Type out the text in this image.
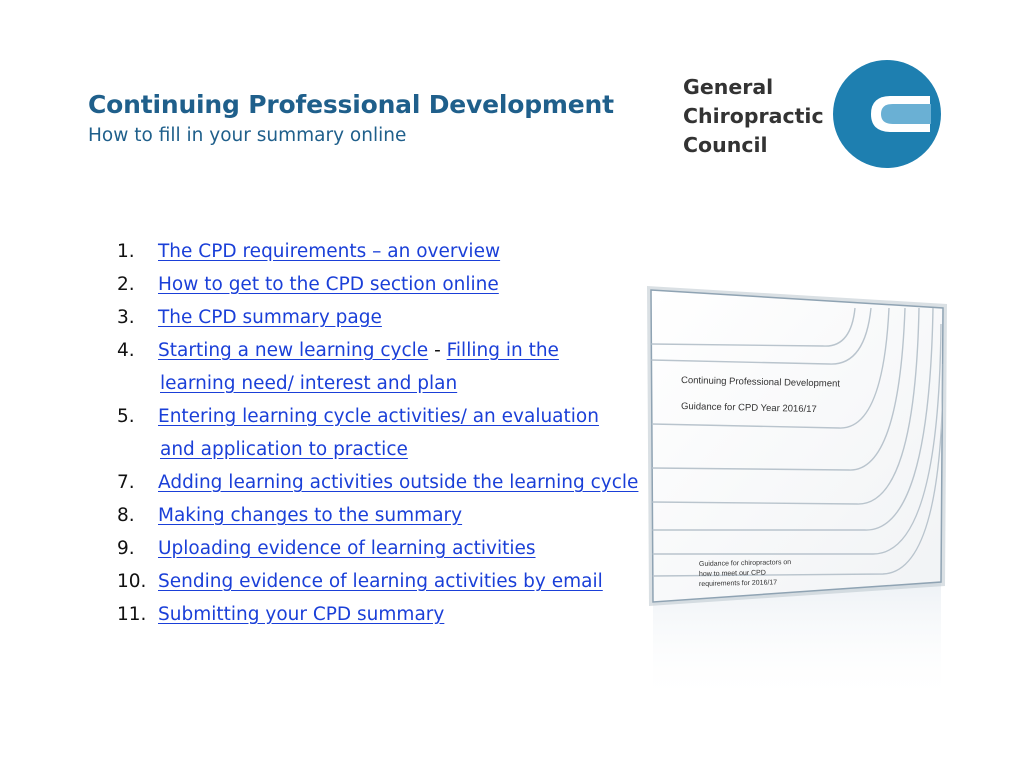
Continuing Professional Development
How to fill in your summary online
General
Chiropractic
Council
1. The CPD requirements – an overview
2. How to get to the CPD section online
3. The CPD summary page
4. Starting a new learning cycle - Filling in the
learning need/ interest and plan
5. Entering learning cycle activities/ an evaluation
and application to practice
7. Adding learning activities outside the learning cycle
8. Making changes to the summary
9. Uploading evidence of learning activities
10. Sending evidence of learning activities by email
11. Submitting your CPD summary
Continuing Professional Development
Guidance for CPD Year 2016/17
Guidance for chiropractors on
how to meet our CPD
requirements for 2016/17
